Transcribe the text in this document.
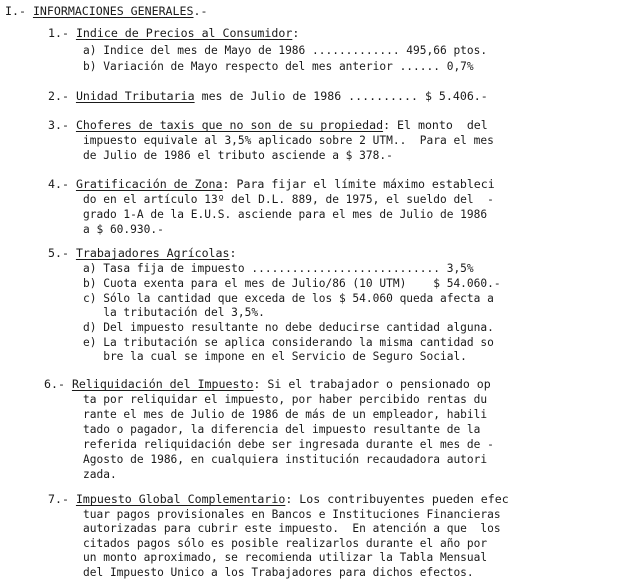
I.- INFORMACIONES GENERALES.-
1.- Indice de Precios al Consumidor:
a) Indice del mes de Mayo de 1986 ............. 495,66 ptos.
b) Variación de Mayo respecto del mes anterior ...... 0,7%
2.- Unidad Tributaria mes de Julio de 1986 .......... $ 5.406.-
3.- Choferes de taxis que no son de su propiedad: El monto  del
impuesto equivale al 3,5% aplicado sobre 2 UTM..  Para el mes
de Julio de 1986 el tributo asciende a $ 378.-
4.- Gratificación de Zona: Para fijar el límite máximo estableci
do en el artículo 13º del D.L. 889, de 1975, el sueldo del  -
grado 1-A de la E.U.S. asciende para el mes de Julio de 1986
a $ 60.930.-
5.- Trabajadores Agrícolas:
a) Tasa fija de impuesto ............................ 3,5%
b) Cuota exenta para el mes de Julio/86 (10 UTM)    $ 54.060.-
c) Sólo la cantidad que exceda de los $ 54.060 queda afecta a
la tributación del 3,5%.
d) Del impuesto resultante no debe deducirse cantidad alguna.
e) La tributación se aplica considerando la misma cantidad so
bre la cual se impone en el Servicio de Seguro Social.
6.- Reliquidación del Impuesto: Si el trabajador o pensionado op
ta por reliquidar el impuesto, por haber percibido rentas du
rante el mes de Julio de 1986 de más de un empleador, habili
tado o pagador, la diferencia del impuesto resultante de la
referida reliquidación debe ser ingresada durante el mes de -
Agosto de 1986, en cualquiera institución recaudadora autori
zada.
7.- Impuesto Global Complementario: Los contribuyentes pueden efec
tuar pagos provisionales en Bancos e Instituciones Financieras
autorizadas para cubrir este impuesto.  En atención a que  los
citados pagos sólo es posible realizarlos durante el año por
un monto aproximado, se recomienda utilizar la Tabla Mensual
del Impuesto Unico a los Trabajadores para dichos efectos.
